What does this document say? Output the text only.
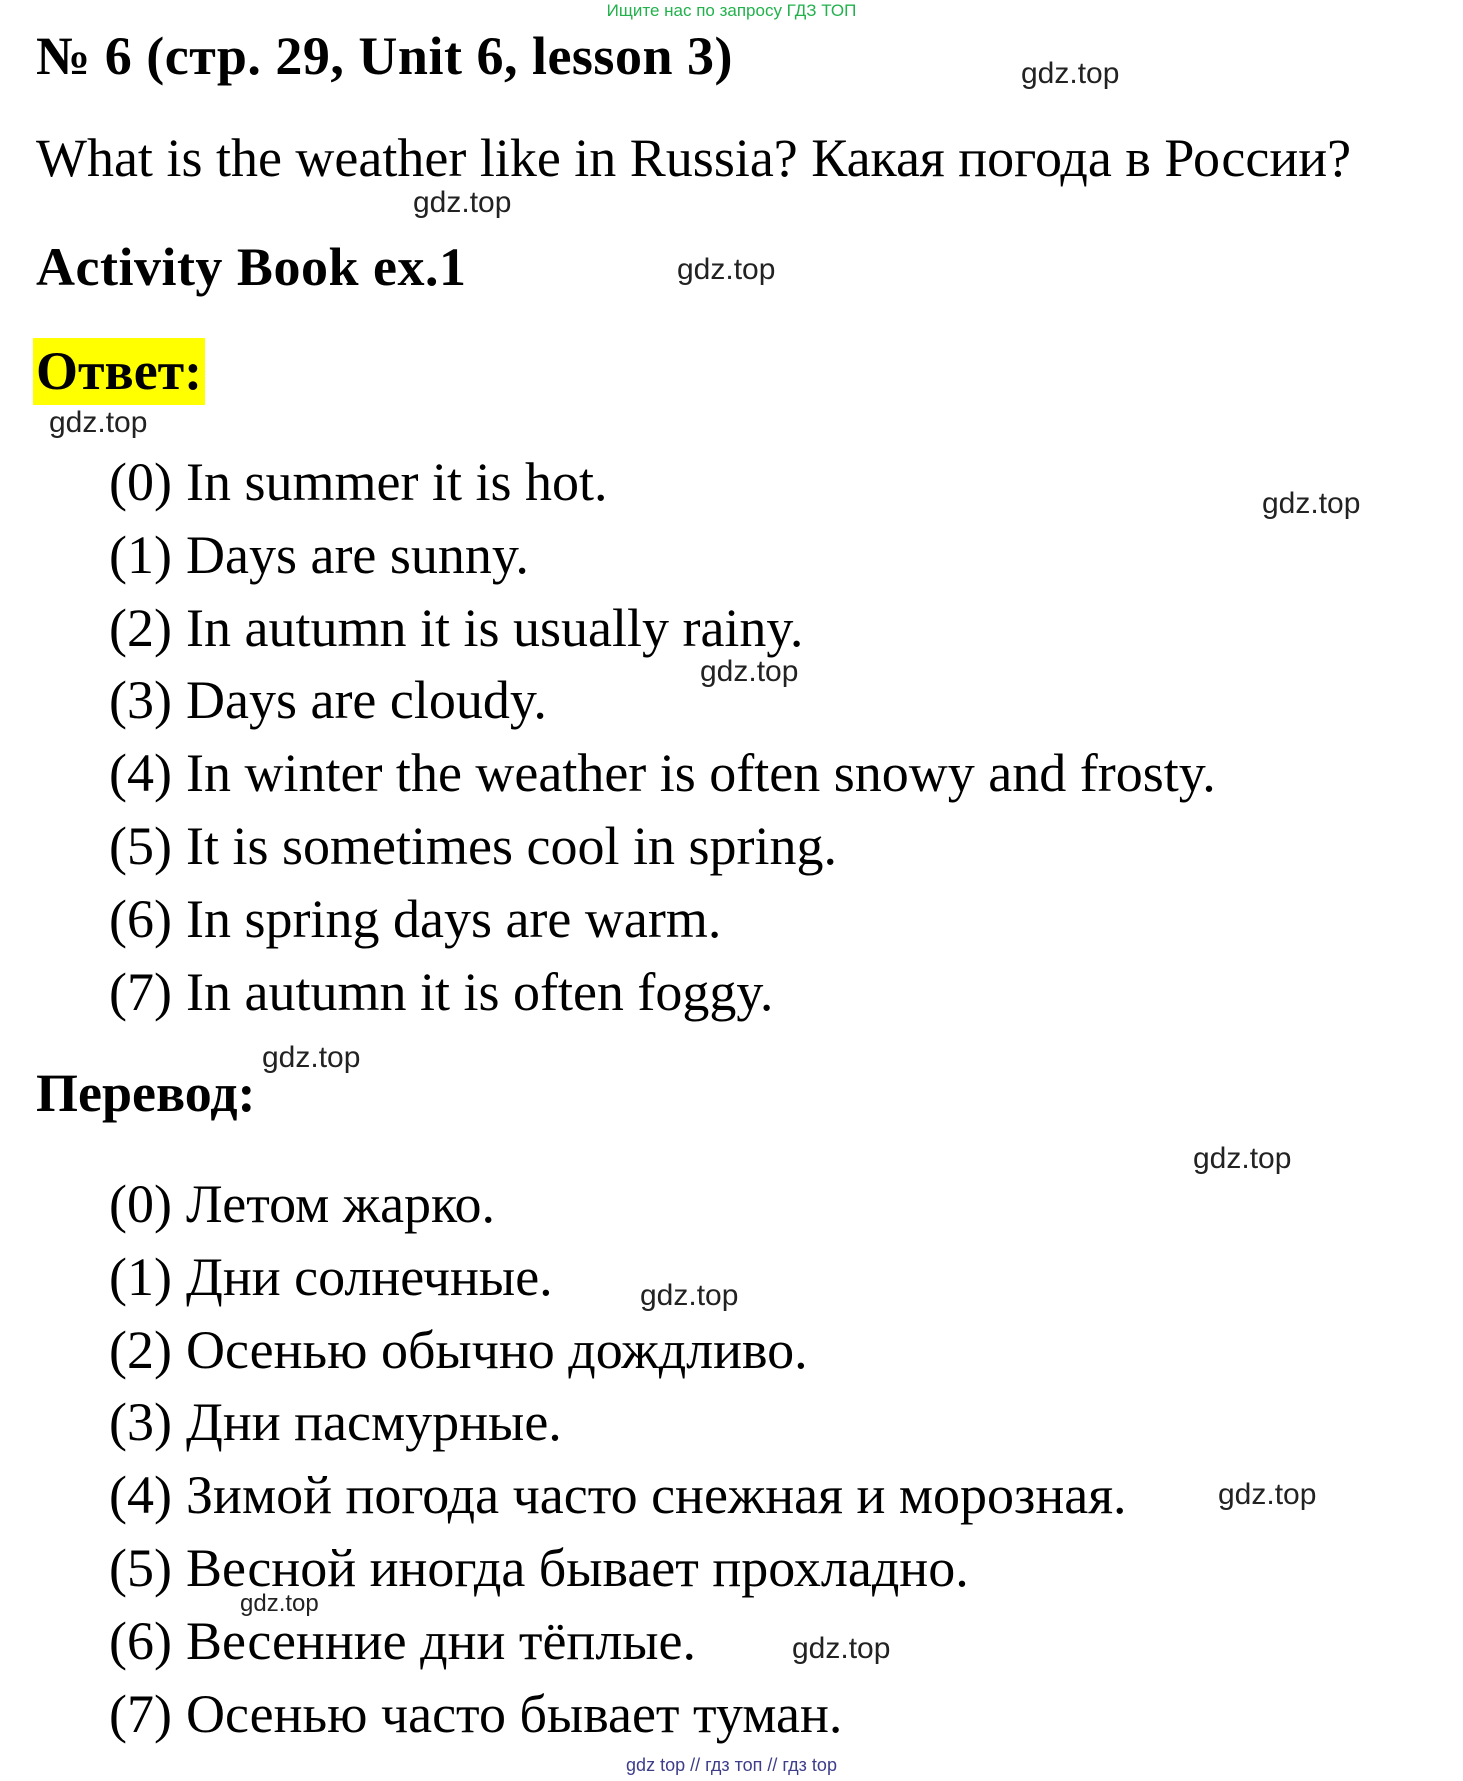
Ищите нас по запросу ГДЗ ТОП
№ 6 (стр. 29, Unit 6, lesson 3)
What is the weather like in Russia? Какая погода в России?
Activity Book ex.1
Ответ:
(0) In summer it is hot.
(1) Days are sunny.
(2) In autumn it is usually rainy.
(3) Days are cloudy.
(4) In winter the weather is often snowy and frosty.
(5) It is sometimes cool in spring.
(6) In spring days are warm.
(7) In autumn it is often foggy.
Перевод:
(0) Летом жарко.
(1) Дни солнечные.
(2) Осенью обычно дождливо.
(3) Дни пасмурные.
(4) Зимой погода часто снежная и морозная.
(5) Весной иногда бывает прохладно.
(6) Весенние дни тёплые.
(7) Осенью часто бывает туман.
gdz.top
gdz.top
gdz.top
gdz.top
gdz.top
gdz.top
gdz.top
gdz.top
gdz.top
gdz.top
gdz.top
gdz.top
gdz top // гдз топ // гдз top
